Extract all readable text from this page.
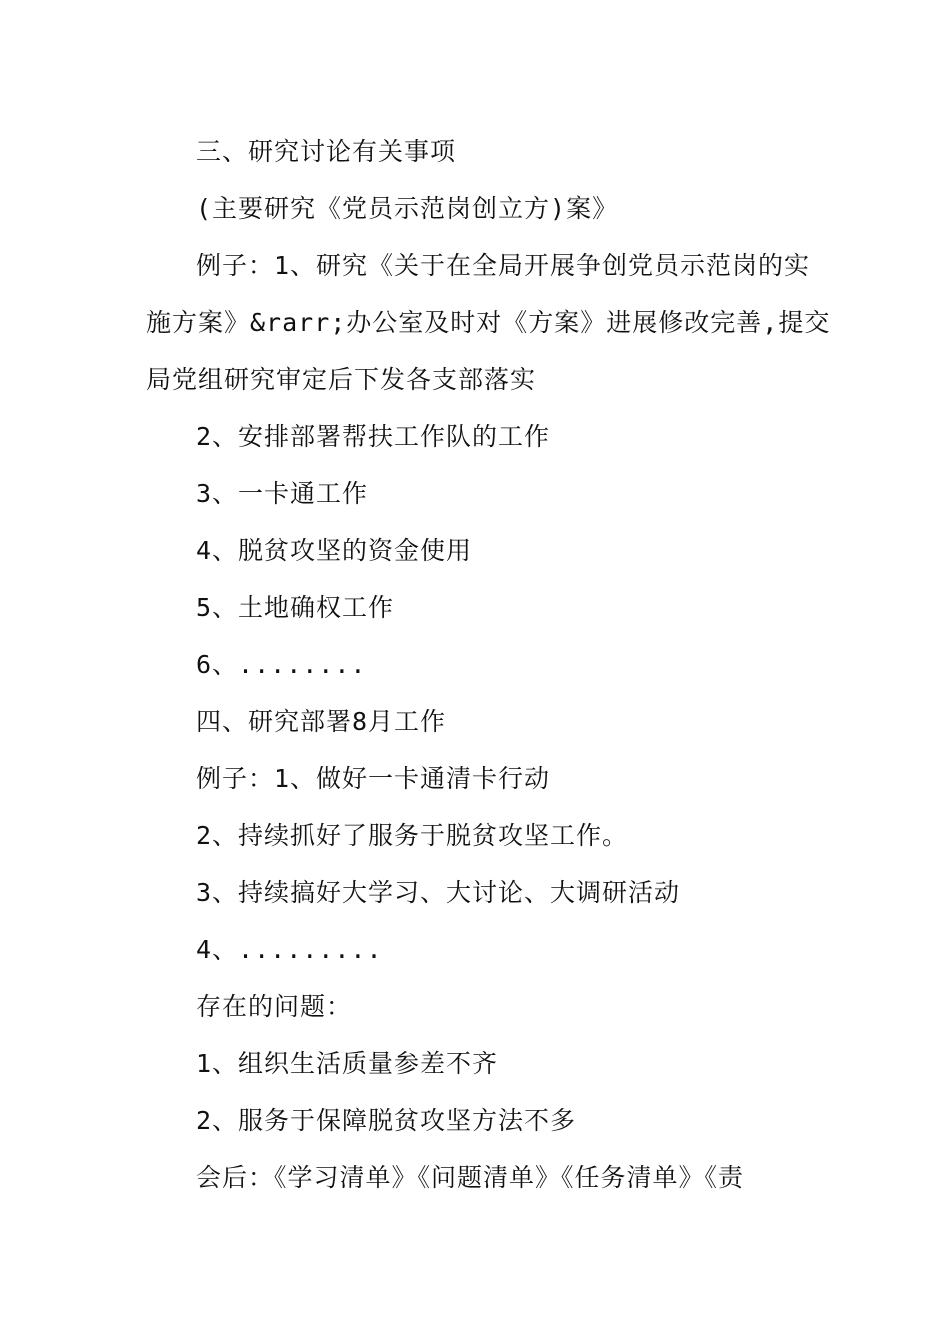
三、研究讨论有关事项
(主要研究《党员示范岗创立方)案》
例子：1、研究《关于在全局开展争创党员示范岗的实
施方案》&rarr;办公室及时对《方案》进展修改完善,提交
局党组研究审定后下发各支部落实
2、安排部署帮扶工作队的工作
3、一卡通工作
4、脱贫攻坚的资金使用
5、土地确权工作
6、........
四、研究部署8月工作
例子：1、做好一卡通清卡行动
2、持续抓好了服务于脱贫攻坚工作。
3、持续搞好大学习、大讨论、大调研活动
4、.........
存在的问题：
1、组织生活质量参差不齐
2、服务于保障脱贫攻坚方法不多
会后：《学习清单》《问题清单》《任务清单》《责
